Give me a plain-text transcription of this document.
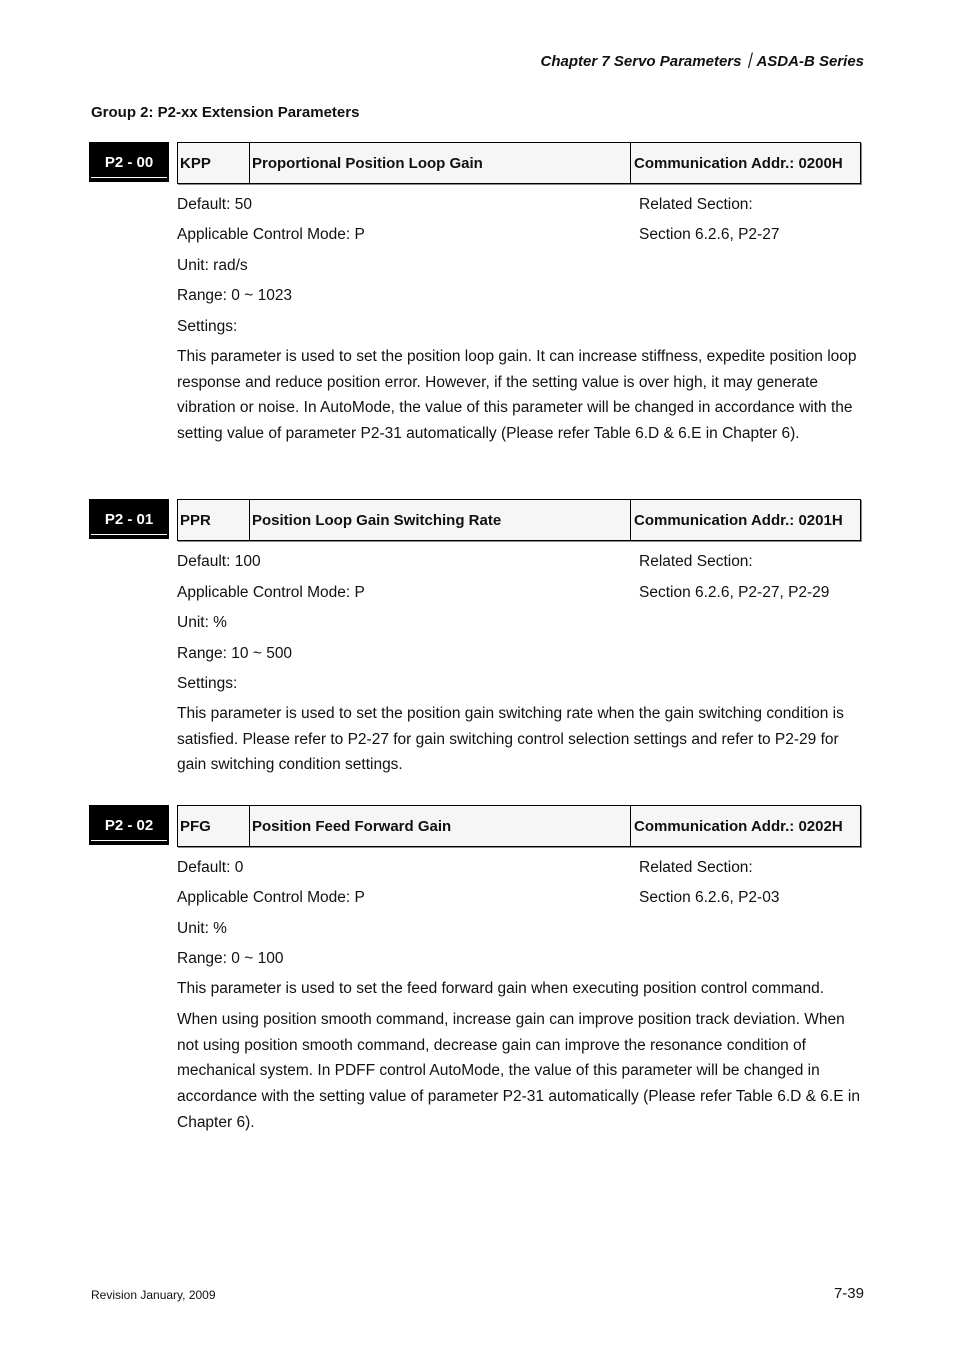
Chapter 7 Servo Parameters｜ASDA-B Series
Group 2: P2-xx Extension Parameters
P2 - 00	KPP	Proportional Position Loop Gain	Communication Addr.: 0200H
Default: 50	Related Section:
Applicable Control Mode: P	Section 6.2.6, P2-27
Unit: rad/s
Range: 0 ~ 1023
Settings:
This parameter is used to set the position loop gain. It can increase stiffness, expedite position loop response and reduce position error. However, if the setting value is over high, it may generate vibration or noise. In AutoMode, the value of this parameter will be changed in accordance with the setting value of parameter P2-31 automatically (Please refer Table 6.D & 6.E in Chapter 6).
P2 - 01	PPR	Position Loop Gain Switching Rate	Communication Addr.: 0201H
Default: 100	Related Section:
Applicable Control Mode: P	Section 6.2.6, P2-27, P2-29
Unit: %
Range: 10 ~ 500
Settings:
This parameter is used to set the position gain switching rate when the gain switching condition is satisfied. Please refer to P2-27 for gain switching control selection settings and refer to P2-29 for gain switching condition settings.
P2 - 02	PFG	Position Feed Forward Gain	Communication Addr.: 0202H
Default: 0	Related Section:
Applicable Control Mode: P	Section 6.2.6, P2-03
Unit: %
Range: 0 ~ 100
This parameter is used to set the feed forward gain when executing position control command.
When using position smooth command, increase gain can improve position track deviation. When not using position smooth command, decrease gain can improve the resonance condition of mechanical system. In PDFF control AutoMode, the value of this parameter will be changed in accordance with the setting value of parameter P2-31 automatically (Please refer Table 6.D & 6.E in Chapter 6).
Revision January, 2009	7-39
